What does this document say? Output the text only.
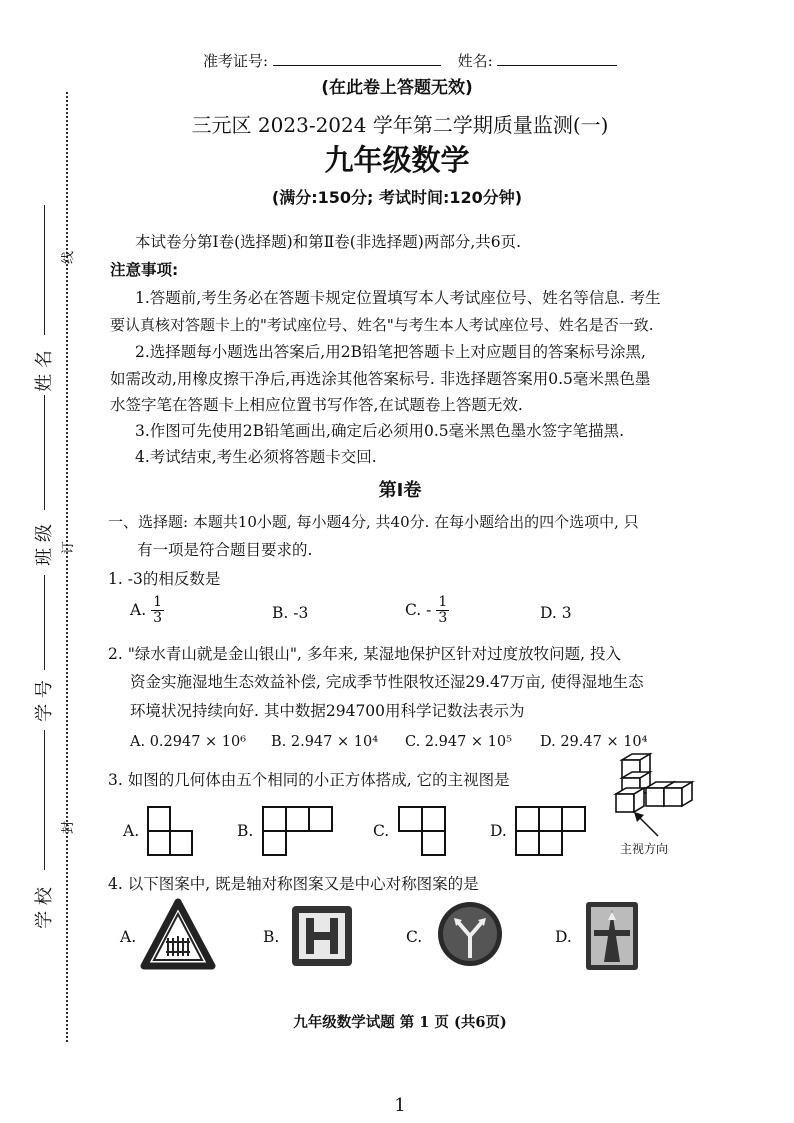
线
订
封
姓 名
班 级
学 号
学 校
准考证号:	姓名:
(在此卷上答题无效)
三元区 2023-2024 学年第二学期质量监测(一)
九年级数学
(满分:150分; 考试时间:120分钟)
本试卷分第Ⅰ卷(选择题)和第Ⅱ卷(非选择题)两部分,共6页.
注意事项:
1.答题前,考生务必在答题卡规定位置填写本人考试座位号、姓名等信息. 考生
要认真核对答题卡上的"考试座位号、姓名"与考生本人考试座位号、姓名是否一致.
2.选择题每小题选出答案后,用2B铅笔把答题卡上对应题目的答案标号涂黑,
如需改动,用橡皮擦干净后,再选涂其他答案标号. 非选择题答案用0.5毫米黑色墨
水签字笔在答题卡上相应位置书写作答,在试题卷上答题无效.
3.作图可先使用2B铅笔画出,确定后必须用0.5毫米黑色墨水签字笔描黑.
4.考试结束,考生必须将答题卡交回.
第Ⅰ卷
一、选择题: 本题共10小题, 每小题4分, 共40分. 在每小题给出的四个选项中, 只
有一项是符合题目要求的.
1. -3的相反数是
A. $\frac{1}{3}$	B. -3	C. - $\frac{1}{3}$	D. 3
2. "绿水青山就是金山银山", 多年来, 某湿地保护区针对过度放牧问题, 投入
资金实施湿地生态效益补偿, 完成季节性限牧还湿29.47万亩, 使得湿地生态
环境状况持续向好. 其中数据294700用科学记数法表示为
A. 0.2947 × 10⁶ B. 2.947 × 10⁴ C. 2.947 × 10⁵ D. 29.47 × 10⁴
3. 如图的几何体由五个相同的小正方体搭成, 它的主视图是
A.	B.	C.	D.
主视方向
4. 以下图案中, 既是轴对称图案又是中心对称图案的是
A.	B.	C.	D.
九年级数学试题 第 1 页 (共6页)
1
